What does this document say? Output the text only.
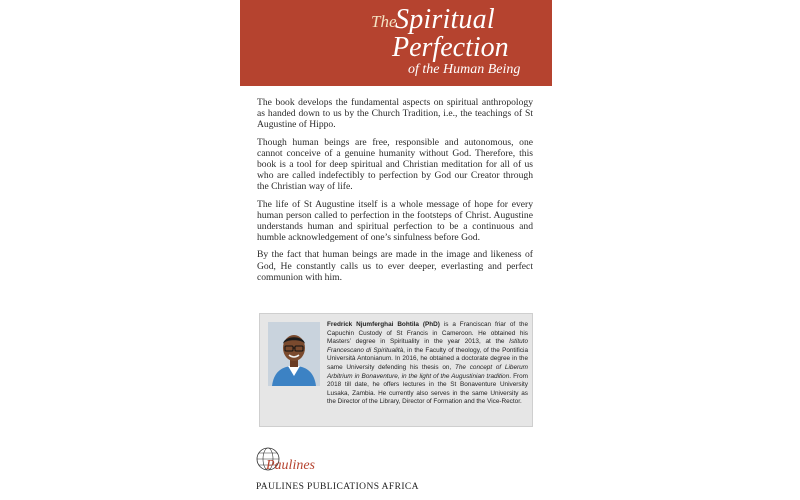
The
Spiritual
Perfection
of the Human Being

The book develops the fundamental aspects on spiritual anthropology as handed down to us by the Church Tradition, i.e., the teachings of St Augustine of Hippo.

Though human beings are free, responsible and autonomous, one cannot conceive of a genuine humanity without God. Therefore, this book is a tool for deep spiritual and Christian meditation for all of us who are called indefectibly to perfection by God our Creator through the Christian way of life.

The life of St Augustine itself is a whole message of hope for every human person called to perfection in the footsteps of Christ. Augustine understands human and spiritual perfection to be a continuous and humble acknowledgement of one’s sinfulness before God.

By the fact that human beings are made in the image and likeness of God, He constantly calls us to ever deeper, everlasting and perfect communion with him.

Fredrick Njumferghai Bohtila (PhD) is a Franciscan friar of the Capuchin Custody of St Francis in Cameroon. He obtained his Masters’ degree in Spirituality in the year 2013, at the Istituto Francescano di Spiritualità, in the Faculty of theology, of the Pontificia Università Antonianum. In 2016, he obtained a doctorate degree in the same University defending his thesis on, The concept of Liberum Arbitrium in Bonaventure, in the light of the Augustinian tradition. From 2018 till date, he offers lectures in the St Bonaventure University Lusaka, Zambia. He currently also serves in the same University as the Director of the Library, Director of Formation and the Vice-Rector.
Paulines
PAULINES PUBLICATIONS AFRICA
